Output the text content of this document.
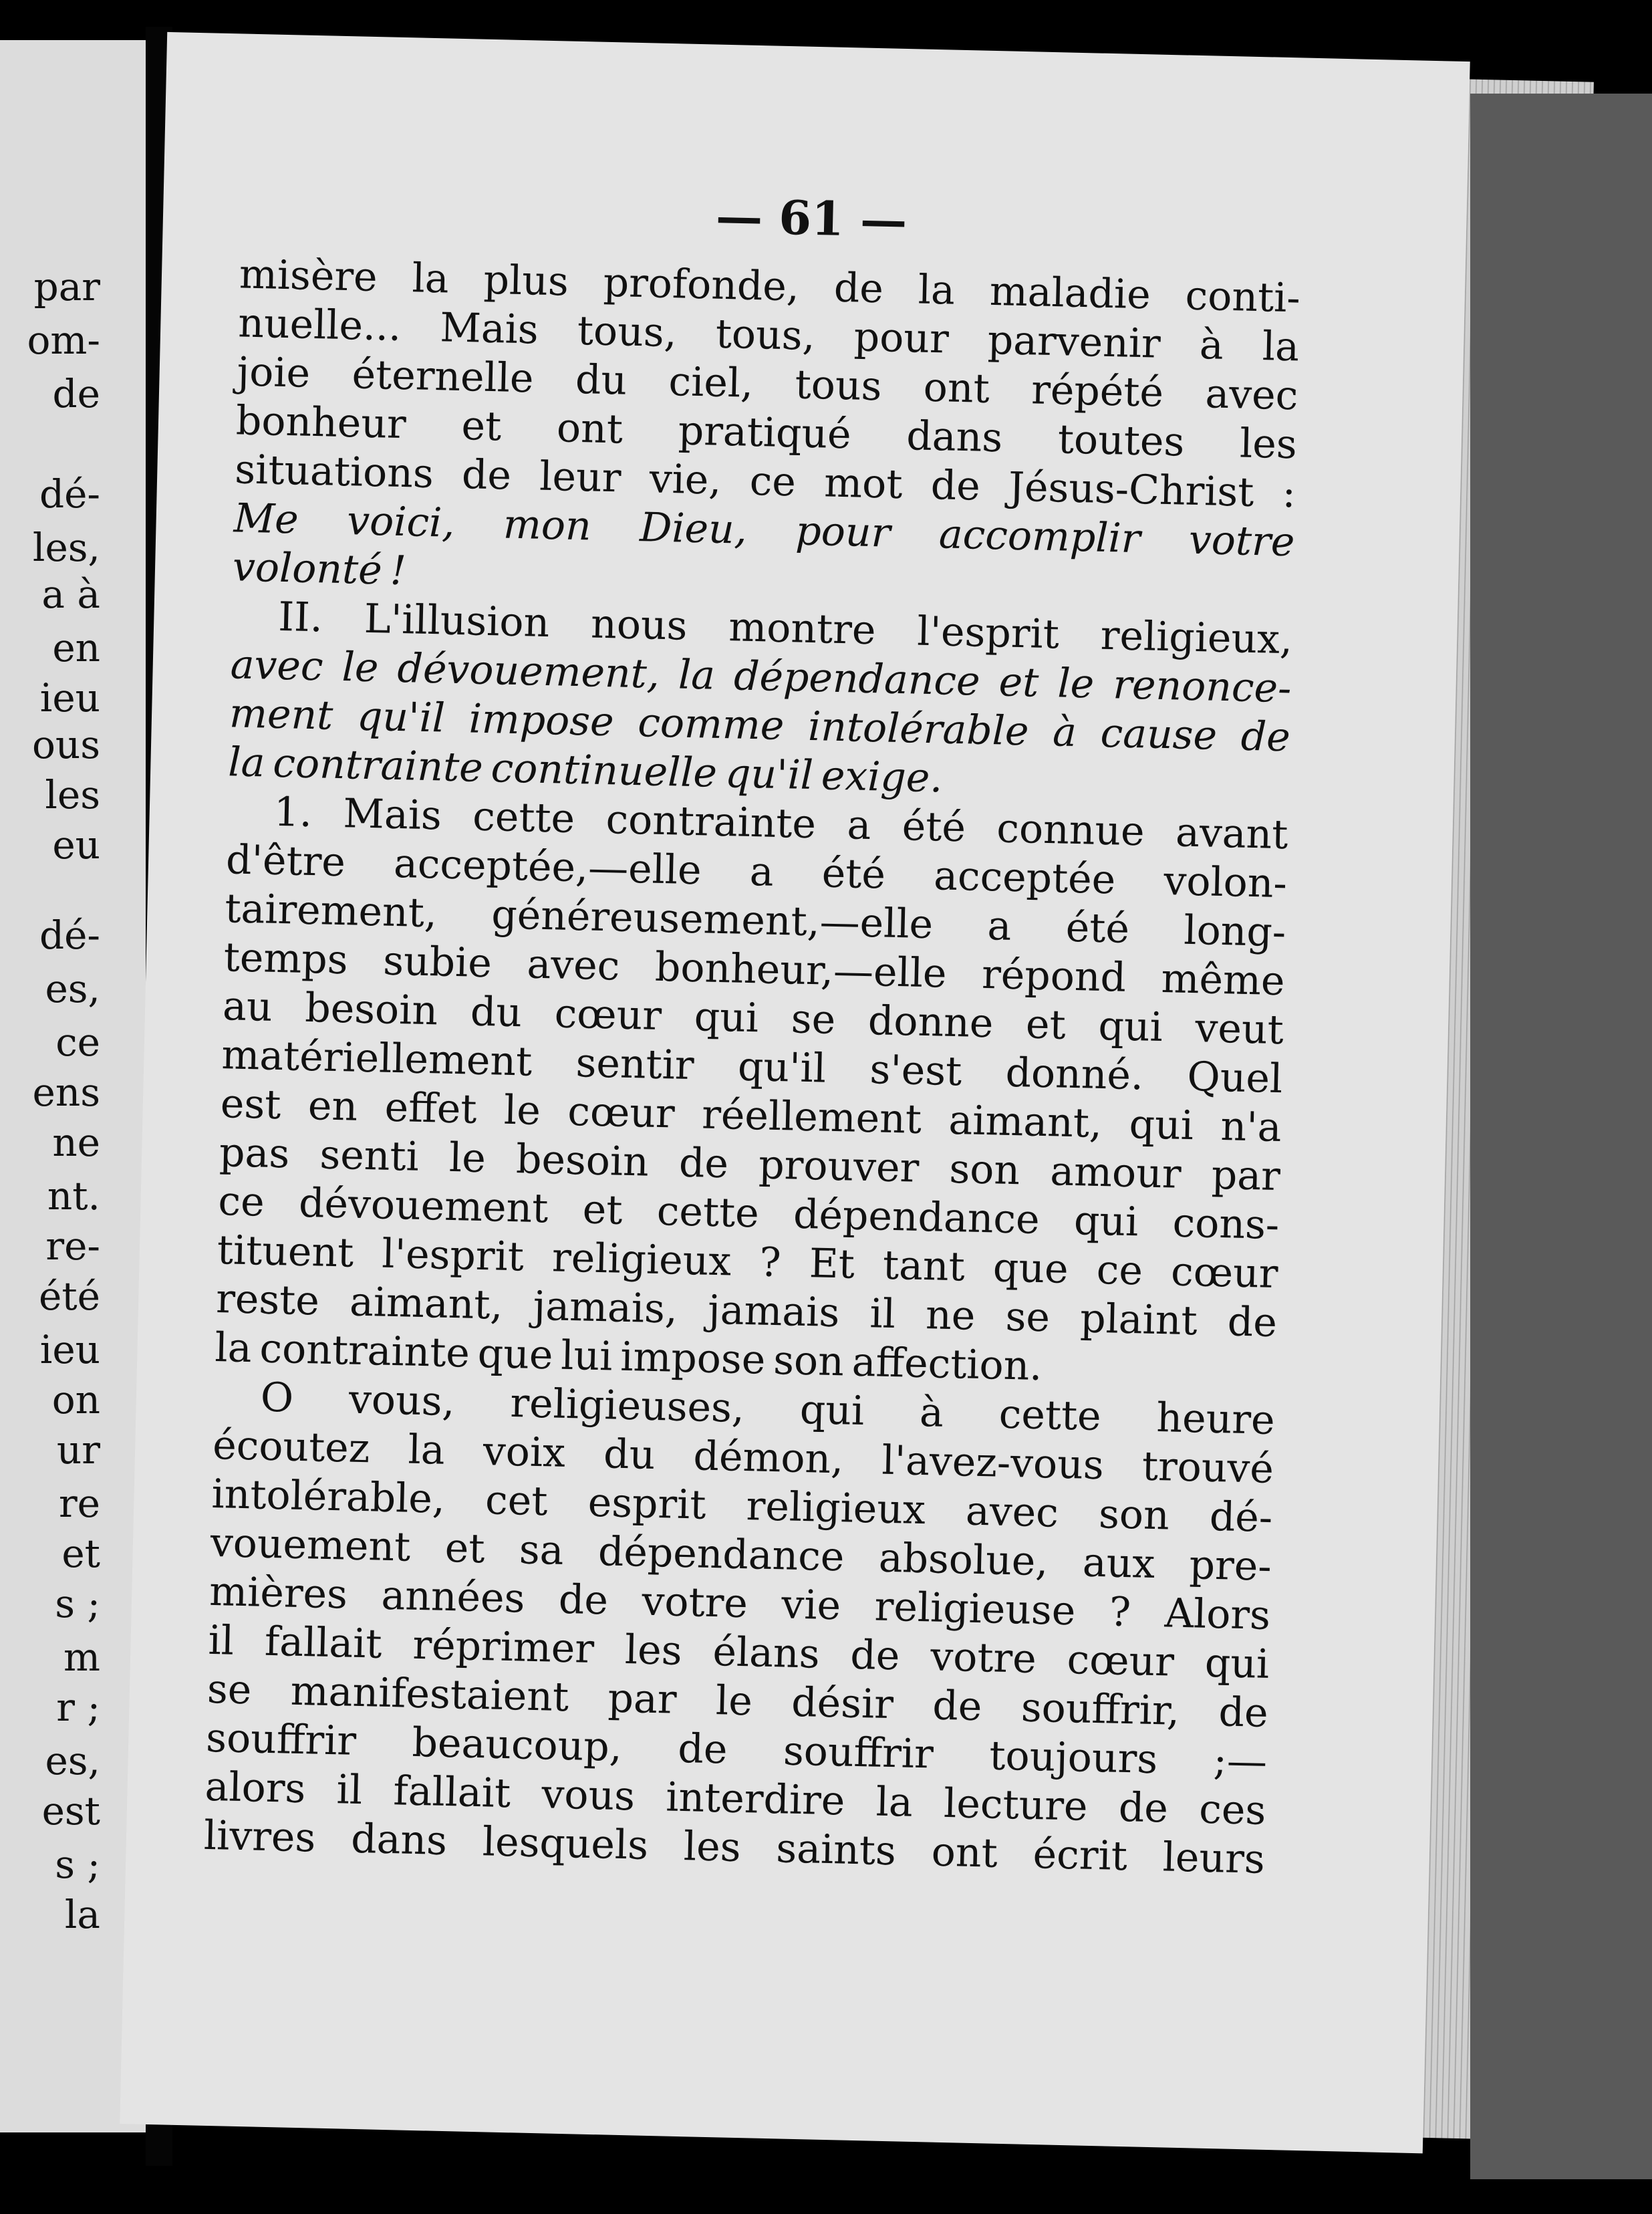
par
om-
de
dé-
les,
a à
en
ieu
ous
les
eu
dé-
es,
ce
ens
ne
nt.
re-
été
ieu
on
ur
re
et
s ;
m
r ;
es,
est
s ;
la
— 61 —
misère la plus profonde, de la maladie conti-
nuelle... Mais tous, tous, pour parvenir à la
joie éternelle du ciel, tous ont répété avec
bonheur et ont pratiqué dans toutes les
situations de leur vie, ce mot de Jésus-Christ :
Me voici, mon Dieu, pour accomplir votre
volonté !
II. L'illusion nous montre l'esprit religieux,
avec le dévouement, la dépendance et le renonce-
ment qu'il impose comme intolérable à cause de
la contrainte continuelle qu'il exige.
1. Mais cette contrainte a été connue avant
d'être acceptée,—elle a été acceptée volon-
tairement, généreusement,—elle a été long-
temps subie avec bonheur,—elle répond même
au besoin du cœur qui se donne et qui veut
matériellement sentir qu'il s'est donné. Quel
est en effet le cœur réellement aimant, qui n'a
pas senti le besoin de prouver son amour par
ce dévouement et cette dépendance qui cons-
tituent l'esprit religieux ? Et tant que ce cœur
reste aimant, jamais, jamais il ne se plaint de
la contrainte que lui impose son affection.
O vous, religieuses, qui à cette heure
écoutez la voix du démon, l'avez-vous trouvé
intolérable, cet esprit religieux avec son dé-
vouement et sa dépendance absolue, aux pre-
mières années de votre vie religieuse ? Alors
il fallait réprimer les élans de votre cœur qui
se manifestaient par le désir de souffrir, de
souffrir beaucoup, de souffrir toujours ;—
alors il fallait vous interdire la lecture de ces
livres dans lesquels les saints ont écrit leurs
